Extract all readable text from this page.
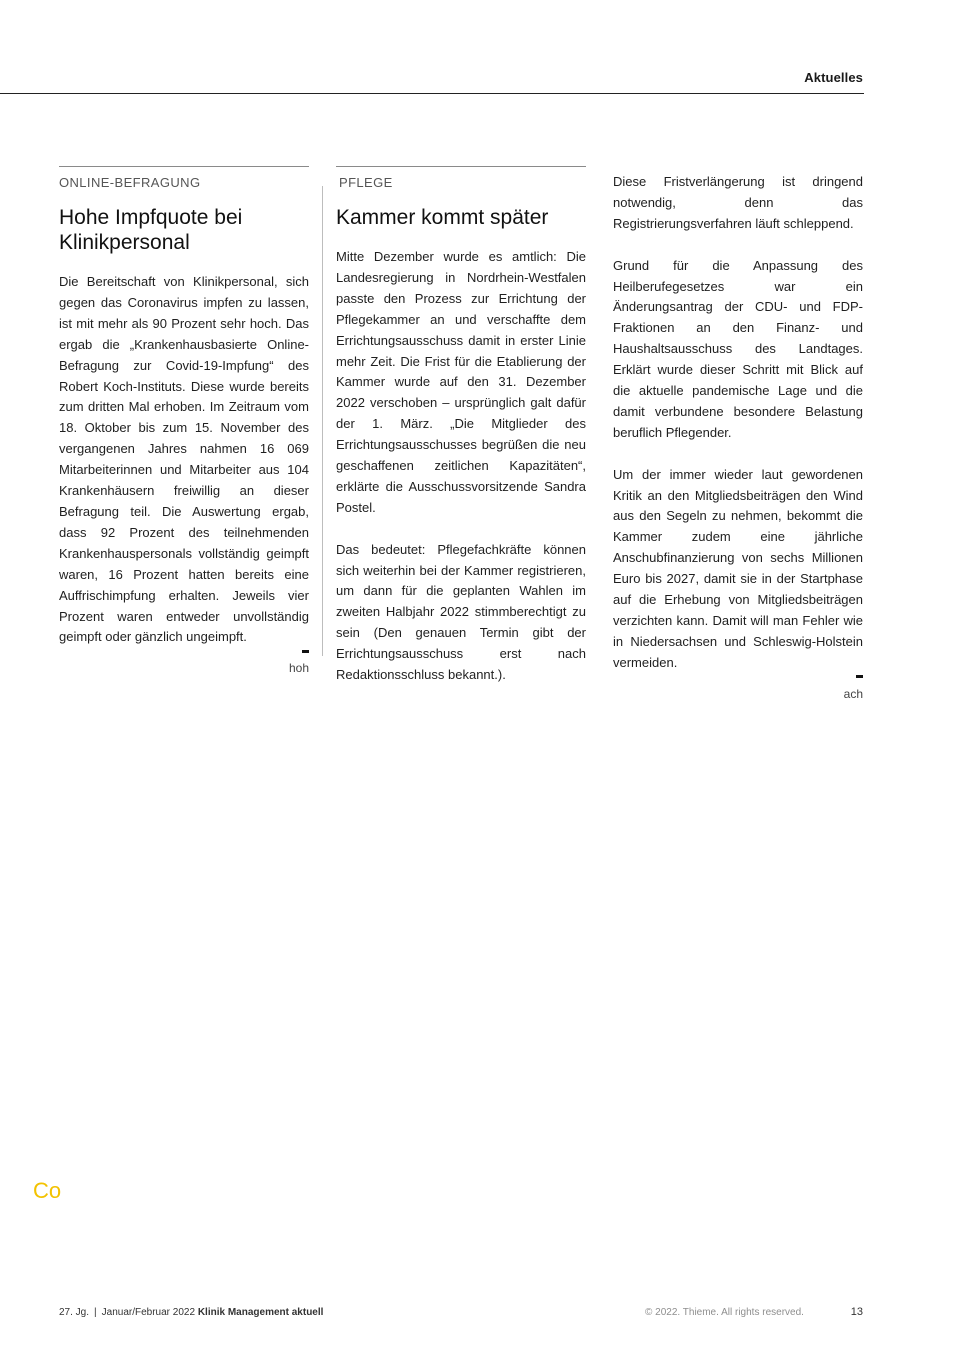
Aktuelles
ONLINE-BEFRAGUNG
Hohe Impfquote bei Klinikpersonal

Die Bereitschaft von Klinikpersonal, sich gegen das Coronavirus impfen zu lassen, ist mit mehr als 90 Prozent sehr hoch. Das ergab die „Krankenhausbasierte Online-Befragung zur Covid-19-Impfung“ des Robert Koch-Instituts. Diese wurde bereits zum dritten Mal erhoben. Im Zeitraum vom 18. Oktober bis zum 15. November des vergangenen Jahres nahmen 16 069 Mitarbeiterinnen und Mitarbeiter aus 104 Krankenhäusern freiwillig an dieser Befragung teil. Die Auswertung ergab, dass 92 Prozent des teilnehmenden Krankenhauspersonals vollständig geimpft waren, 16 Prozent hatten bereits eine Auffrischimpfung erhalten. Jeweils vier Prozent waren entweder unvollständig geimpft oder gänzlich ungeimpft.

hoh
PFLEGE
Kammer kommt später

Mitte Dezember wurde es amtlich: Die Landesregierung in Nordrhein-Westfalen passte den Prozess zur Errichtung der Pflegekammer an und verschaffte dem Errichtungsausschuss damit in erster Linie mehr Zeit. Die Frist für die Etablierung der Kammer wurde auf den 31. Dezember 2022 verschoben – ursprünglich galt dafür der 1. März. „Die Mitglieder des Errichtungsausschusses begrüßen die neu geschaffenen zeitlichen Kapazitäten“, erklärte die Ausschussvorsitzende Sandra Postel.

Das bedeutet: Pflegefachkräfte können sich weiterhin bei der Kammer registrieren, um dann für die geplanten Wahlen im zweiten Halbjahr 2022 stimmberechtigt zu sein (Den genauen Termin gibt der Errichtungsausschuss erst nach Redaktionsschluss bekannt.).

Diese Fristverlängerung ist dringend notwendig, denn das Registrierungsverfahren läuft schleppend.

Grund für die Anpassung des Heilberufegesetzes war ein Änderungsantrag der CDU- und FDP-Fraktionen an den Finanz- und Haushaltsausschuss des Landtages. Erklärt wurde dieser Schritt mit Blick auf die aktuelle pandemische Lage und die damit verbundene besondere Belastung beruflich Pflegender.

Um der immer wieder laut gewordenen Kritik an den Mitgliedsbeiträgen den Wind aus den Segeln zu nehmen, bekommt die Kammer zudem eine jährliche Anschubfinanzierung von sechs Millionen Euro bis 2027, damit sie in der Startphase auf die Erhebung von Mitgliedsbeiträgen verzichten kann. Damit will man Fehler wie in Niedersachsen und Schleswig-Holstein vermeiden.

ach
Co
27. Jg. | Januar/Februar 2022 Klinik Management aktuell	© 2022. Thieme. All rights reserved.	13
